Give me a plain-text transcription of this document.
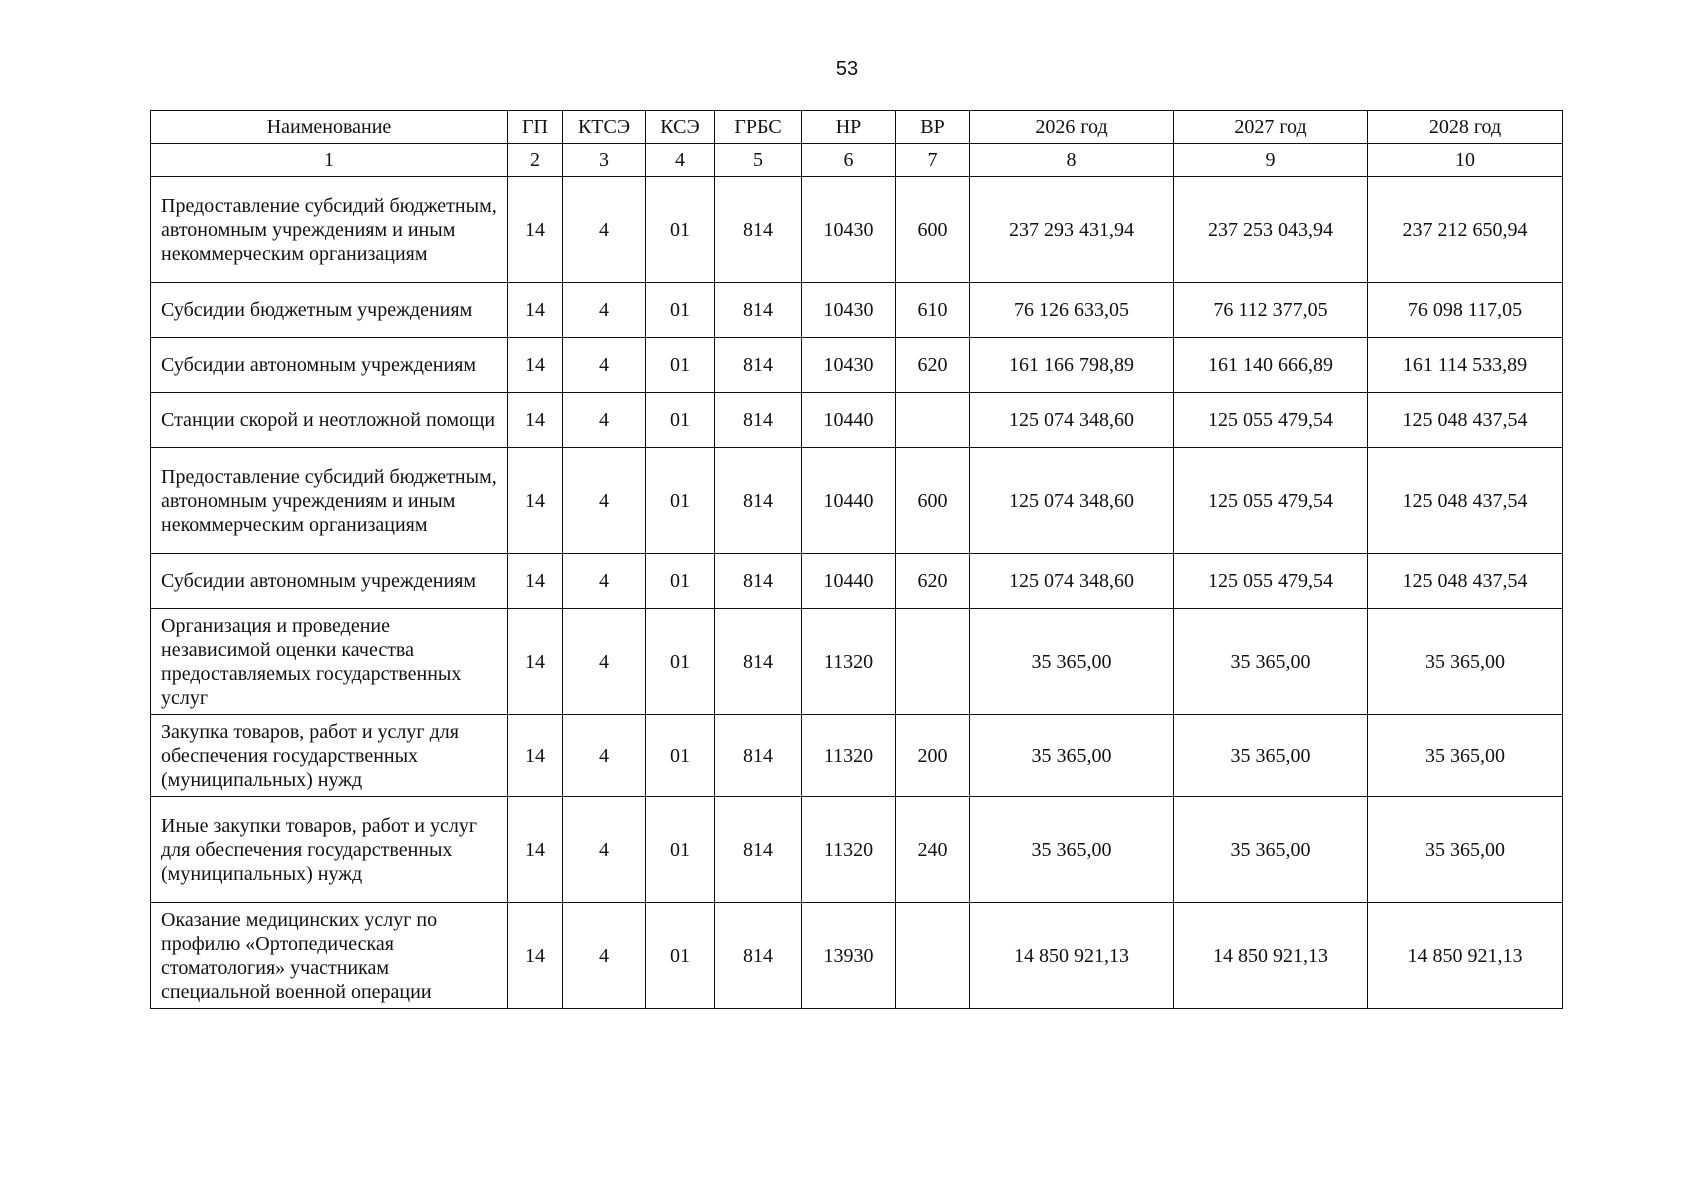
53
Наименование	ГП	КТСЭ	КСЭ	ГРБС	НР	ВР	2026 год	2027 год	2028 год
1	2	3	4	5	6	7	8	9	10
Предоставление субсидий бюджетным, автономным учреждениям и иным некоммерческим организациям	14	4	01	814	10430	600	237 293 431,94	237 253 043,94	237 212 650,94
Субсидии бюджетным учреждениям	14	4	01	814	10430	610	76 126 633,05	76 112 377,05	76 098 117,05
Субсидии автономным учреждениям	14	4	01	814	10430	620	161 166 798,89	161 140 666,89	161 114 533,89
Станции скорой и неотложной помощи	14	4	01	814	10440		125 074 348,60	125 055 479,54	125 048 437,54
Предоставление субсидий бюджетным, автономным учреждениям и иным некоммерческим организациям	14	4	01	814	10440	600	125 074 348,60	125 055 479,54	125 048 437,54
Субсидии автономным учреждениям	14	4	01	814	10440	620	125 074 348,60	125 055 479,54	125 048 437,54
Организация и проведение независимой оценки качества предоставляемых государственных услуг	14	4	01	814	11320		35 365,00	35 365,00	35 365,00
Закупка товаров, работ и услуг для обеспечения государственных (муниципальных) нужд	14	4	01	814	11320	200	35 365,00	35 365,00	35 365,00
Иные закупки товаров, работ и услуг для обеспечения государственных (муниципальных) нужд	14	4	01	814	11320	240	35 365,00	35 365,00	35 365,00
Оказание медицинских услуг по профилю «Ортопедическая стоматология» участникам специальной военной операции	14	4	01	814	13930		14 850 921,13	14 850 921,13	14 850 921,13
